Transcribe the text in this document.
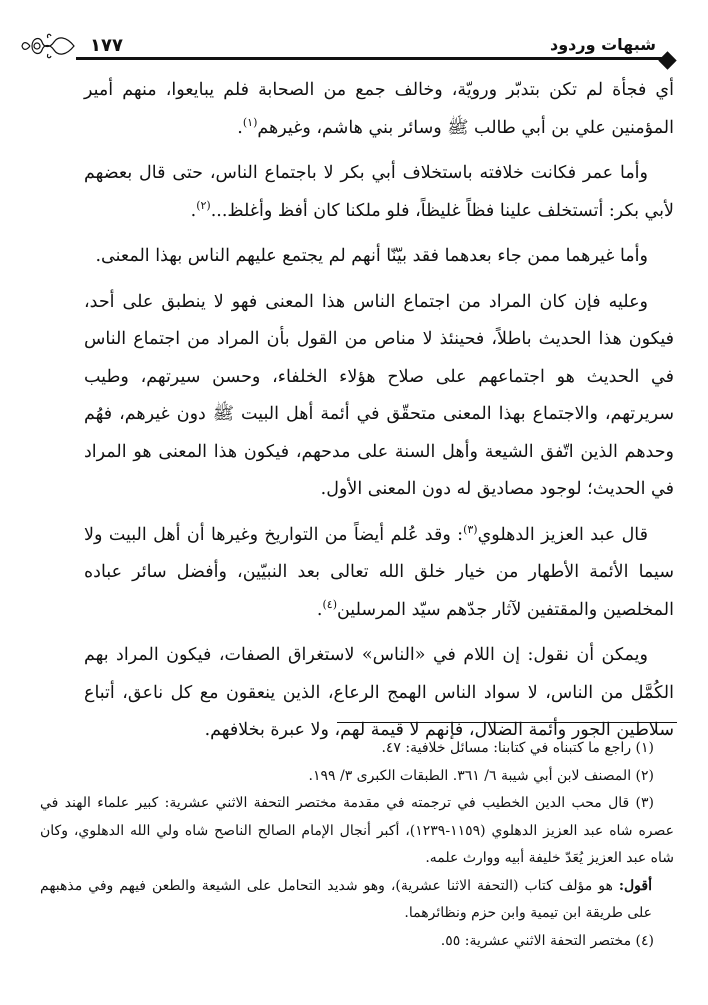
١٧٧	شبهات وردود

أي فجأة لم تكن بتدبّر ورويّة، وخالف جمع من الصحابة فلم يبايعوا، منهم أمير المؤمنين علي بن أبي طالب ﷺ وسائر بني هاشم، وغيرهم$^{(١)}$.

وأما عمر فكانت خلافته باستخلاف أبي بكر لا باجتماع الناس، حتى قال بعضهم لأبي بكر: أتستخلف علينا فظاً غليظاً، فلو ملكنا كان أفظ وأغلظ...$^{(٢)}$.

وأما غيرهما ممن جاء بعدهما فقد بيّنّا أنهم لم يجتمع عليهم الناس بهذا المعنى.

وعليه فإن كان المراد من اجتماع الناس هذا المعنى فهو لا ينطبق على أحد، فيكون هذا الحديث باطلاً، فحينئذ لا مناص من القول بأن المراد من اجتماع الناس في الحديث هو اجتماعهم على صلاح هؤلاء الخلفاء، وحسن سيرتهم، وطيب سريرتهم، والاجتماع بهذا المعنى متحقّق في أئمة أهل البيت ﷺ دون غيرهم، فهُم وحدهم الذين اتّفق الشيعة وأهل السنة على مدحهم، فيكون هذا المعنى هو المراد في الحديث؛ لوجود مصاديق له دون المعنى الأول.

قال عبد العزيز الدهلوي$^{(٣)}$: وقد عُلم أيضاً من التواريخ وغيرها أن أهل البيت ولا سيما الأئمة الأطهار من خيار خلق الله تعالى بعد النبيّين، وأفضل سائر عباده المخلصين والمقتفين لآثار جدّهم سيّد المرسلين$^{(٤)}$.

ويمكن أن نقول: إن اللام في «الناس» لاستغراق الصفات، فيكون المراد بهم الكُمَّل من الناس، لا سواد الناس الهمج الرعاع، الذين ينعقون مع كل ناعق، أتباع سلاطين الجور وأئمة الضلال، فإنهم لا قيمة لهم، ولا عبرة بخلافهم.

(١) راجع ما كتبناه في كتابنا: مسائل خلافية: ٤٧.

(٢) المصنف لابن أبي شيبة ٦/ ٣٦١. الطبقات الكبرى ٣/ ١٩٩.

(٣) قال محب الدين الخطيب في ترجمته في مقدمة مختصر التحفة الاثني عشرية: كبير علماء الهند في عصره شاه عبد العزيز الدهلوي (١١٥٩-١٢٣٩)، أكبر أنجال الإمام الصالح الناصح شاه ولي الله الدهلوي، وكان شاه عبد العزيز يُعَدّ خليفة أبيه ووارث علمه.

أقول: هو مؤلف كتاب (التحفة الاثنا عشرية)، وهو شديد التحامل على الشيعة والطعن فيهم وفي مذهبهم على طريقة ابن تيمية وابن حزم ونظائرهما.

(٤) مختصر التحفة الاثني عشرية: ٥٥.
